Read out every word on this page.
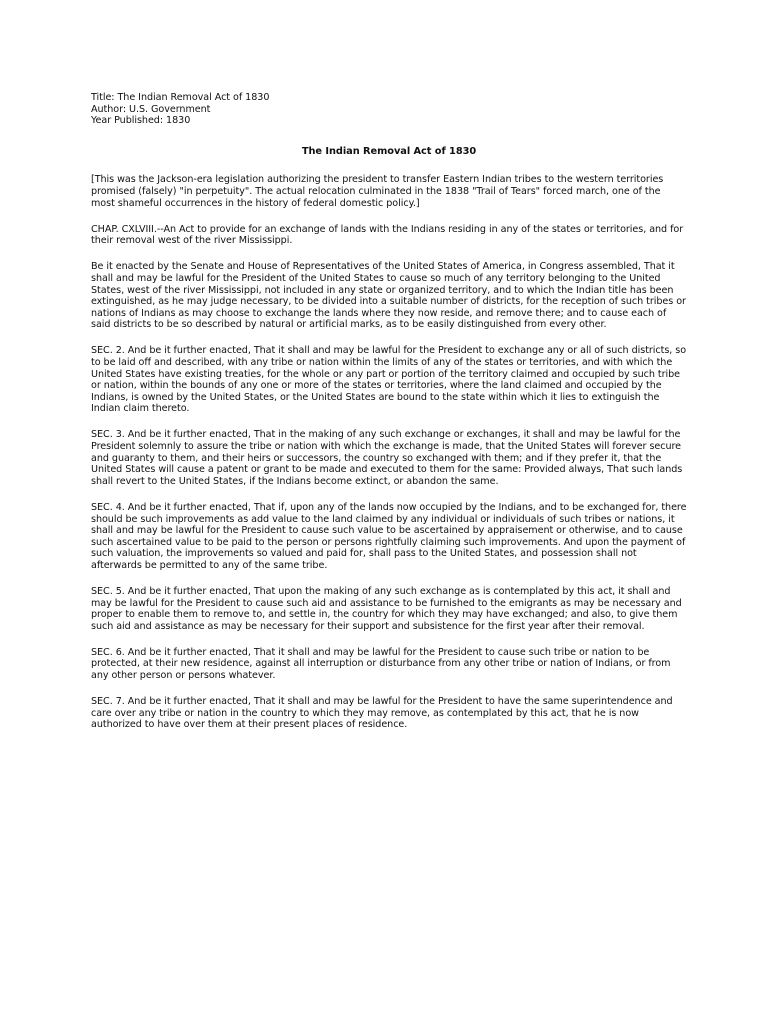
Title: The Indian Removal Act of 1830
Author: U.S. Government
Year Published: 1830
The Indian Removal Act of 1830

[This was the Jackson-era legislation authorizing the president to transfer Eastern Indian tribes to the western territories promised (falsely) "in perpetuity". The actual relocation culminated in the 1838 "Trail of Tears" forced march, one of the most shameful occurrences in the history of federal domestic policy.]

CHAP. CXLVIII.--An Act to provide for an exchange of lands with the Indians residing in any of the states or territories, and for their removal west of the river Mississippi.

Be it enacted by the Senate and House of Representatives of the United States of America, in Congress assembled, That it shall and may be lawful for the President of the United States to cause so much of any territory belonging to the United States, west of the river Mississippi, not included in any state or organized territory, and to which the Indian title has been extinguished, as he may judge necessary, to be divided into a suitable number of districts, for the reception of such tribes or nations of Indians as may choose to exchange the lands where they now reside, and remove there; and to cause each of said districts to be so described by natural or artificial marks, as to be easily distinguished from every other.

SEC. 2. And be it further enacted, That it shall and may be lawful for the President to exchange any or all of such districts, so to be laid off and described, with any tribe or nation within the limits of any of the states or territories, and with which the United States have existing treaties, for the whole or any part or portion of the territory claimed and occupied by such tribe or nation, within the bounds of any one or more of the states or territories, where the land claimed and occupied by the Indians, is owned by the United States, or the United States are bound to the state within which it lies to extinguish the Indian claim thereto.

SEC. 3. And be it further enacted, That in the making of any such exchange or exchanges, it shall and may be lawful for the President solemnly to assure the tribe or nation with which the exchange is made, that the United States will forever secure and guaranty to them, and their heirs or successors, the country so exchanged with them; and if they prefer it, that the United States will cause a patent or grant to be made and executed to them for the same: Provided always, That such lands shall revert to the United States, if the Indians become extinct, or abandon the same.

SEC. 4. And be it further enacted, That if, upon any of the lands now occupied by the Indians, and to be exchanged for, there should be such improvements as add value to the land claimed by any individual or individuals of such tribes or nations, it shall and may be lawful for the President to cause such value to be ascertained by appraisement or otherwise, and to cause such ascertained value to be paid to the person or persons rightfully claiming such improvements. And upon the payment of such valuation, the improvements so valued and paid for, shall pass to the United States, and possession shall not afterwards be permitted to any of the same tribe.

SEC. 5. And be it further enacted, That upon the making of any such exchange as is contemplated by this act, it shall and may be lawful for the President to cause such aid and assistance to be furnished to the emigrants as may be necessary and proper to enable them to remove to, and settle in, the country for which they may have exchanged; and also, to give them such aid and assistance as may be necessary for their support and subsistence for the first year after their removal.

SEC. 6. And be it further enacted, That it shall and may be lawful for the President to cause such tribe or nation to be protected, at their new residence, against all interruption or disturbance from any other tribe or nation of Indians, or from any other person or persons whatever.

SEC. 7. And be it further enacted, That it shall and may be lawful for the President to have the same superintendence and care over any tribe or nation in the country to which they may remove, as contemplated by this act, that he is now authorized to have over them at their present places of residence.
